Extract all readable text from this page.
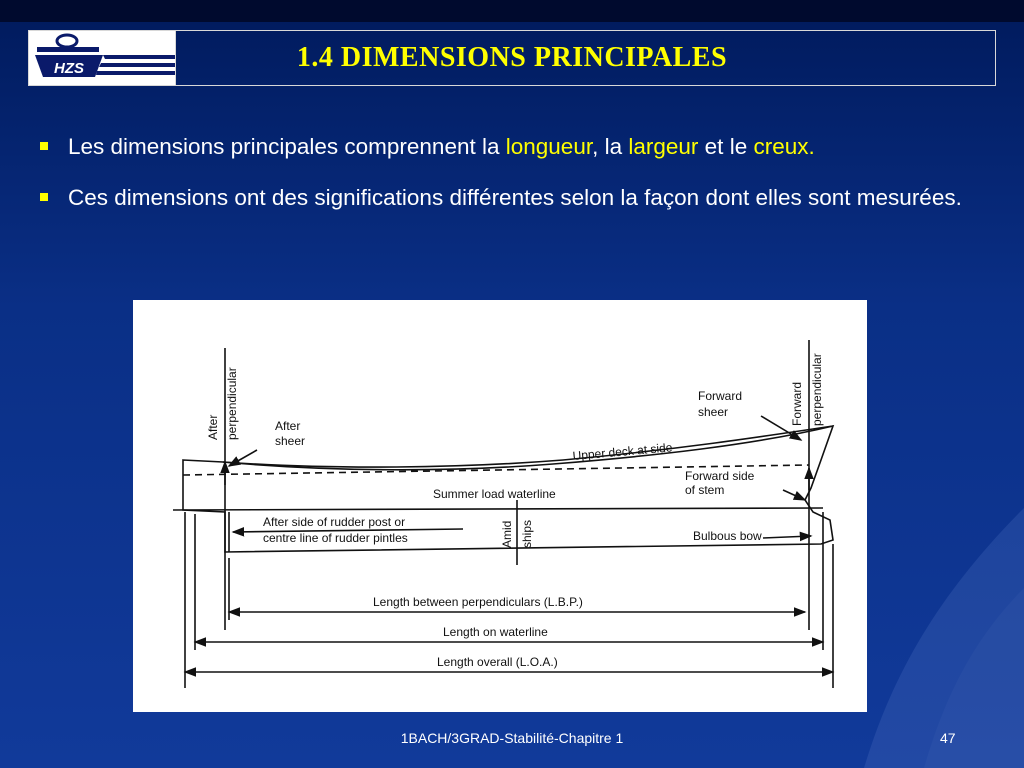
HZS	1.4 DIMENSIONS PRINCIPALES
Les dimensions principales comprennent la longueur, la largeur et le creux.
Ces dimensions ont des significations différentes selon la façon dont elles sont mesurées.
After perpendicular	After
sheer
Forward perpendicular
Forward
sheer
Upper deck at side
Summer load waterline
Forward side
of stem
After side of rudder post or
centre line of rudder pintles	Amid ships	Bulbous bow
Length between perpendiculars (L.B.P.)
Length on waterline
Length overall (L.O.A.)
1BACH/3GRAD-Stabilité-Chapitre 1	47
